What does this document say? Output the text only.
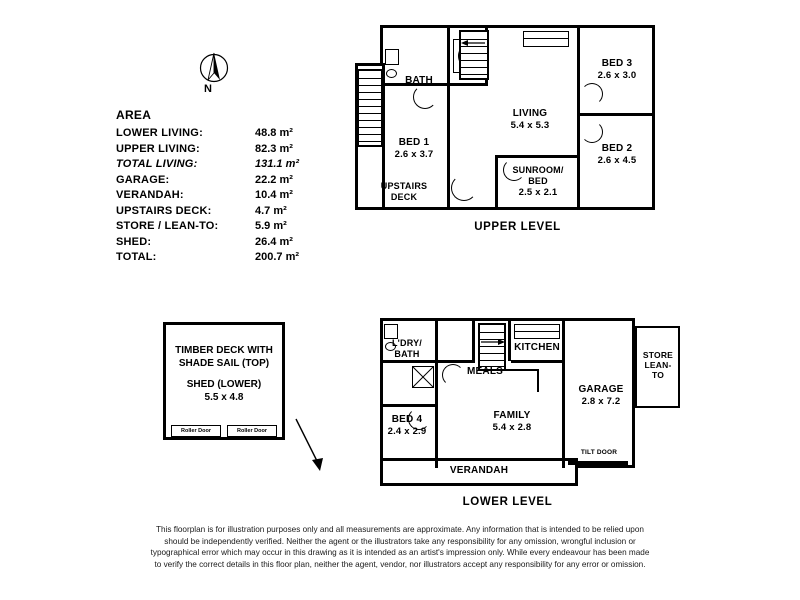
N
AREA
LOWER LIVING:	48.8 m²
UPPER LIVING:	82.3 m²
TOTAL LIVING:	131.1 m²
GARAGE:	22.2 m²
VERANDAH:	10.4 m²
UPSTAIRS DECK:	4.7 m²
STORE / LEAN-TO:	5.9 m²
SHED:	26.4 m²
TOTAL:	200.7 m²
BATH
BED 1
2.6 x 3.7
LIVING
5.4 x 5.3
BED 3
2.6 x 3.0
BED 2
2.6 x 4.5
SUNROOM/
BED
2.5 x 2.1
UPSTAIRS
DECK
UPPER LEVEL
TIMBER DECK WITH
SHADE SAIL (TOP)
SHED (LOWER)
5.5 x 4.8
Roller Door	Roller Door
TILT DOOR
L'DRY/
BATH
KITCHEN
MEALS
BED 4
2.4 x 2.9
FAMILY
5.4 x 2.8
GARAGE
2.8 x 7.2
STORE
LEAN-
TO
VERANDAH
LOWER LEVEL
This floorplan is for illustration purposes only and all measurements are approximate. Any information that is intended to be relied upon
should be independently verified. Neither the agent or the illustrators take any responsibility for any omission, wrongful inclusion or
typographical error which may occur in this drawing as it is intended as an artist's impression only. While every endeavour has been made
to verify the correct details in this floor plan, neither the agent, vendor, nor illustrators accept any responsibility for any error or omission.
